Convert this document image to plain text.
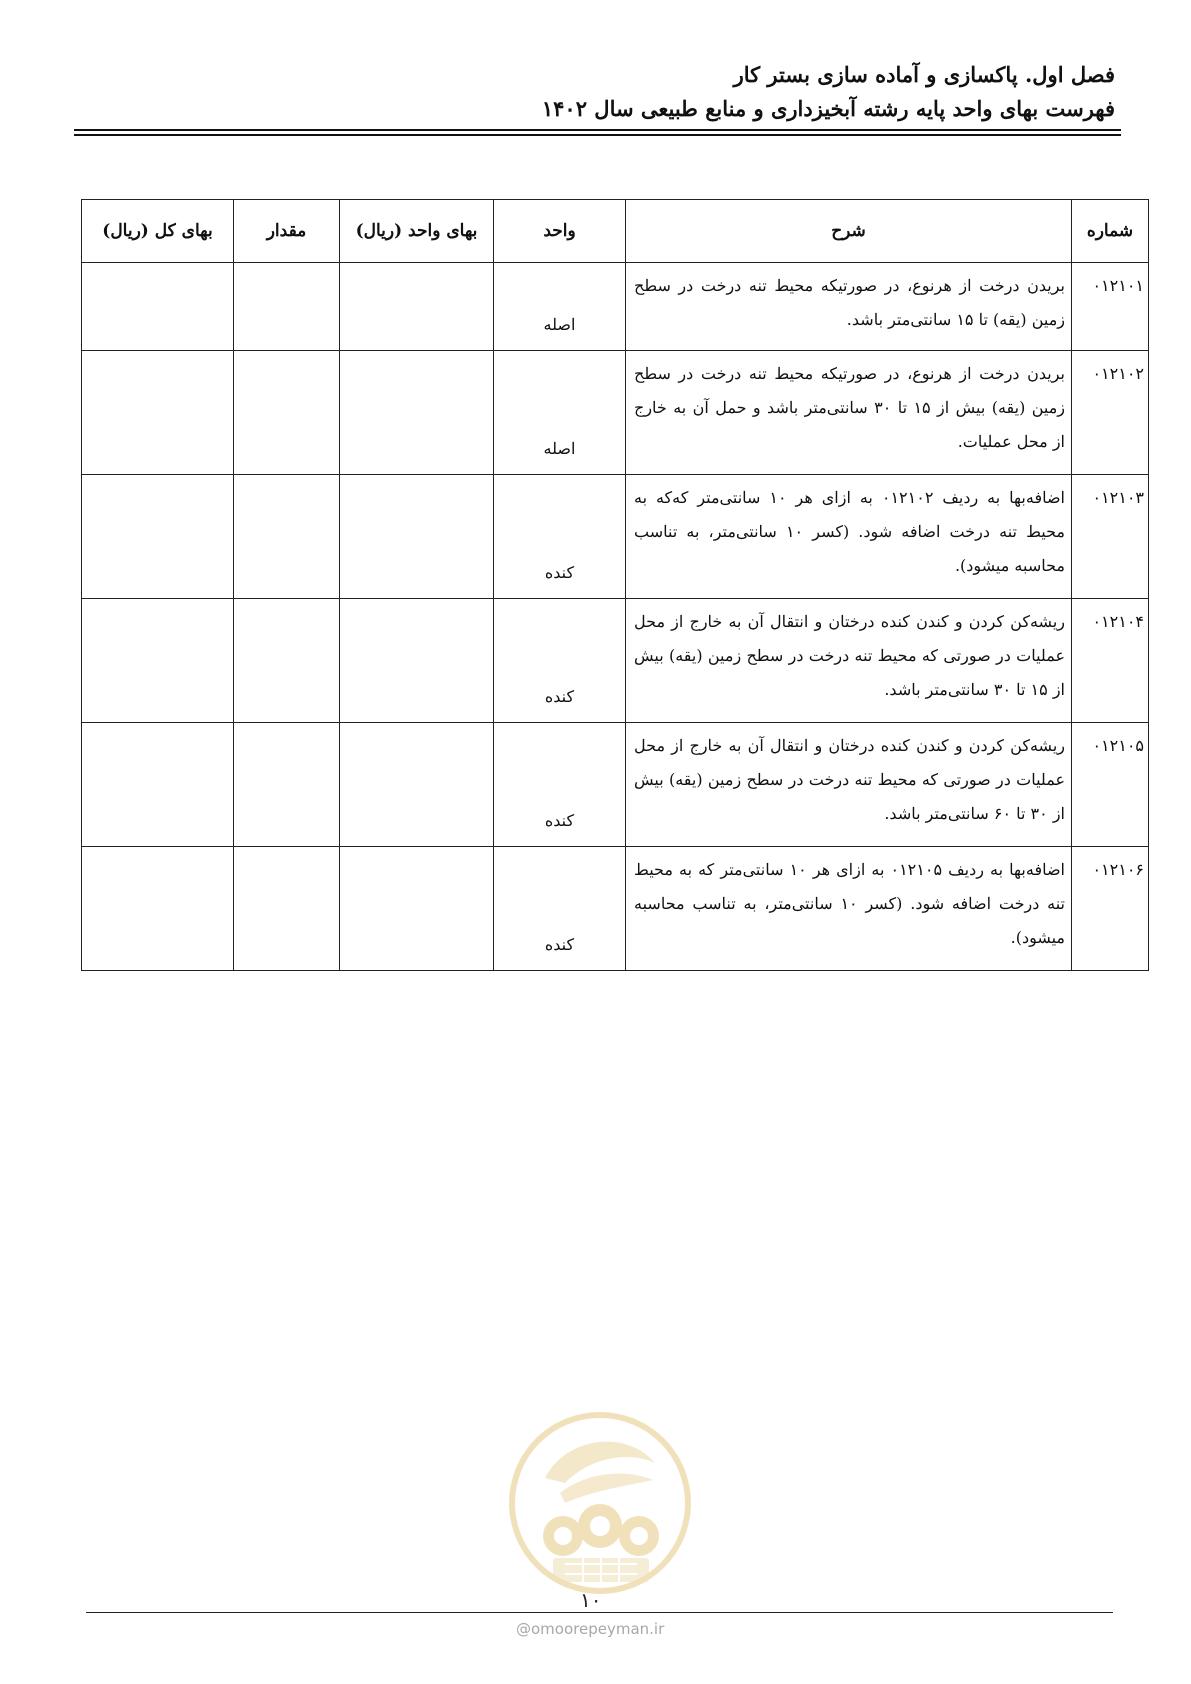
فصل اول. پاکسازی و آماده سازی بستر کار
فهرست بهای واحد پایه رشته آبخیزداری و منابع طبیعی سال ۱۴۰۲
شماره	شرح	واحد	بهای واحد (ریال)	مقدار	بهای کل (ریال)
۰۱۲۱۰۱	بریدن درخت از هرنوع، در صورتیکه محیط تنه درخت در سطح زمین (یقه) تا ۱۵ سانتی‌متر باشد.	اصله			
۰۱۲۱۰۲	بریدن درخت از هرنوع، در صورتیکه محیط تنه درخت در سطح زمین (یقه) بیش از ۱۵ تا ۳۰ سانتی‌متر باشد و حمل آن به خارج از محل عملیات.	اصله			
۰۱۲۱۰۳	اضافه‌بها به ردیف ۰۱۲۱۰۲ به ازای هر ۱۰ سانتی‌متر که‌که به محیط تنه درخت اضافه شود. (کسر ۱۰ سانتی‌متر، به تناسب محاسبه میشود).	کنده			
۰۱۲۱۰۴	ریشه‌کن کردن و کندن کنده درختان و انتقال آن به خارج از محل عملیات در صورتی که محیط تنه درخت در سطح زمین (یقه) بیش از ۱۵ تا ۳۰ سانتی‌متر باشد.	کنده			
۰۱۲۱۰۵	ریشه‌کن کردن و کندن کنده درختان و انتقال آن به خارج از محل عملیات در صورتی که محیط تنه درخت در سطح زمین (یقه) بیش از ۳۰ تا ۶۰ سانتی‌متر باشد.	کنده			
۰۱۲۱۰۶	اضافه‌بها به ردیف ۰۱۲۱۰۵ به ازای هر ۱۰ سانتی‌متر که به محیط تنه درخت اضافه شود. (کسر ۱۰ سانتی‌متر، به تناسب محاسبه میشود).	کنده			
۱۰
@omoorepeyman.ir
